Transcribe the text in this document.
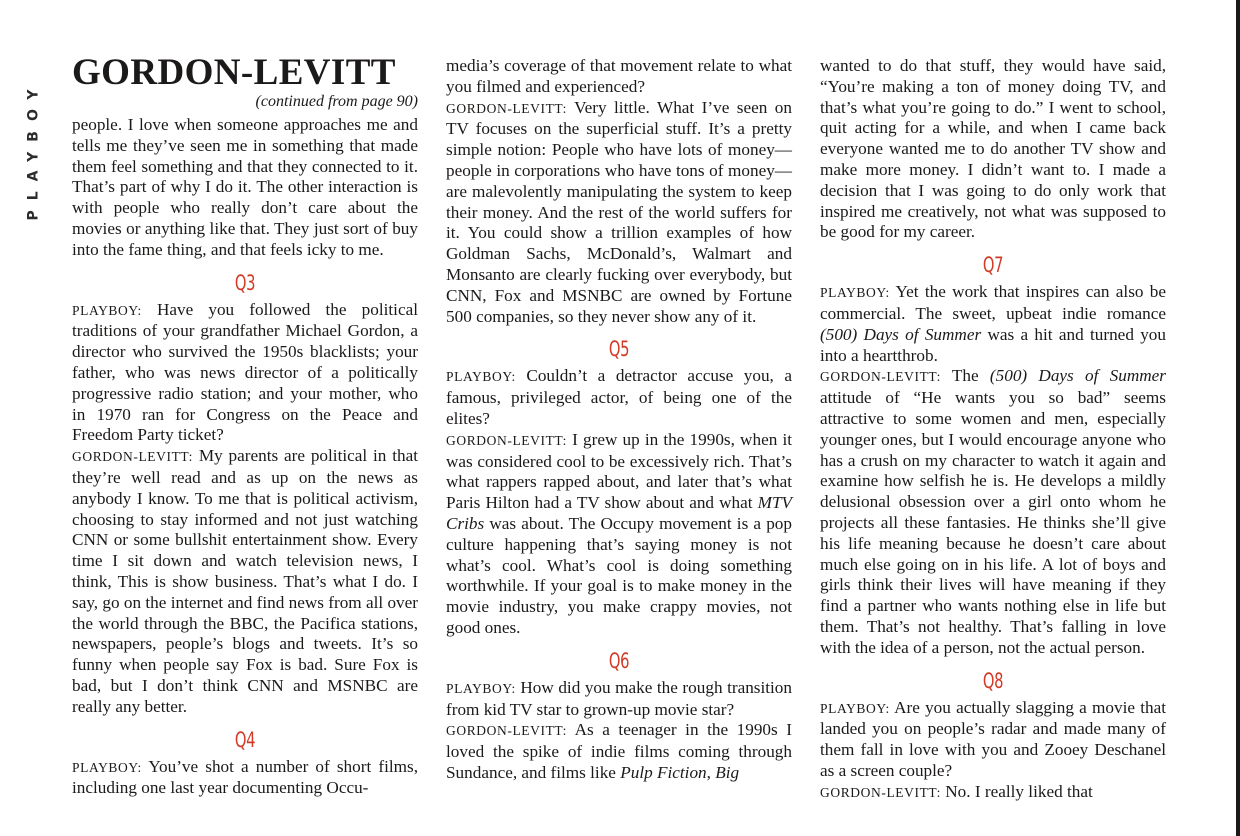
PLAYBOY
GORDON-LEVITT
(continued from page 90)

people. I love when someone approaches me and tells me they’ve seen me in something that made them feel something and that they connected to it. That’s part of why I do it. The other interaction is with people who really don’t care about the movies or anything like that. They just sort of buy into the fame thing, and that feels icky to me.

Q3

PLAYBOY: Have you followed the political traditions of your grandfather Michael Gordon, a director who survived the 1950s blacklists; your father, who was news director of a politically progressive radio station; and your mother, who in 1970 ran for Congress on the Peace and Freedom Party ticket?

GORDON-LEVITT: My parents are political in that they’re well read and as up on the news as anybody I know. To me that is political activism, choosing to stay informed and not just watching CNN or some bullshit entertainment show. Every time I sit down and watch television news, I think, This is show business. That’s what I do. I say, go on the internet and find news from all over the world through the BBC, the Pacifica stations, newspapers, people’s blogs and tweets. It’s so funny when people say Fox is bad. Sure Fox is bad, but I don’t think CNN and MSNBC are really any better.

Q4

PLAYBOY: You’ve shot a number of short films, including one last year documenting Occu-

media’s coverage of that movement relate to what you filmed and experienced?

GORDON-LEVITT: Very little. What I’ve seen on TV focuses on the superficial stuff. It’s a pretty simple notion: People who have lots of money—people in corporations who have tons of money—are malevolently manipulating the system to keep their money. And the rest of the world suffers for it. You could show a trillion examples of how Goldman Sachs, McDonald’s, Walmart and Monsanto are clearly fucking over everybody, but CNN, Fox and MSNBC are owned by Fortune 500 companies, so they never show any of it.

Q5

PLAYBOY: Couldn’t a detractor accuse you, a famous, privileged actor, of being one of the elites?

GORDON-LEVITT: I grew up in the 1990s, when it was considered cool to be excessively rich. That’s what rappers rapped about, and later that’s what Paris Hilton had a TV show about and what MTV Cribs was about. The Occupy movement is a pop culture happening that’s saying money is not what’s cool. What’s cool is doing something worthwhile. If your goal is to make money in the movie industry, you make crappy movies, not good ones.

Q6

PLAYBOY: How did you make the rough transition from kid TV star to grown-up movie star?

GORDON-LEVITT: As a teenager in the 1990s I loved the spike of indie films coming through Sundance, and films like Pulp Fiction, Big

wanted to do that stuff, they would have said, “You’re making a ton of money doing TV, and that’s what you’re going to do.” I went to school, quit acting for a while, and when I came back everyone wanted me to do another TV show and make more money. I didn’t want to. I made a decision that I was going to do only work that inspired me creatively, not what was supposed to be good for my career.

Q7

PLAYBOY: Yet the work that inspires can also be commercial. The sweet, upbeat indie romance (500) Days of Summer was a hit and turned you into a heartthrob.

GORDON-LEVITT: The (500) Days of Summer attitude of “He wants you so bad” seems attractive to some women and men, especially younger ones, but I would encourage anyone who has a crush on my character to watch it again and examine how selfish he is. He develops a mildly delusional obsession over a girl onto whom he projects all these fantasies. He thinks she’ll give his life meaning because he doesn’t care about much else going on in his life. A lot of boys and girls think their lives will have meaning if they find a partner who wants nothing else in life but them. That’s not healthy. That’s falling in love with the idea of a person, not the actual person.

Q8

PLAYBOY: Are you actually slagging a movie that landed you on people’s radar and made many of them fall in love with you and Zooey Deschanel as a screen couple?

GORDON-LEVITT: No. I really liked that
